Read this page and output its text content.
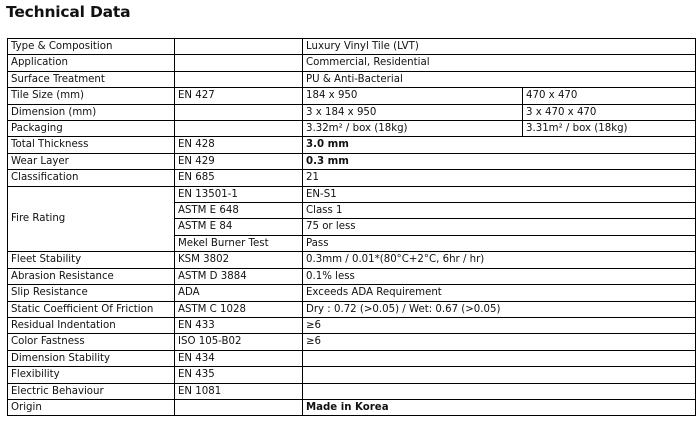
Technical Data
Type & Composition		Luxury Vinyl Tile (LVT)	
Application		Commercial, Residential	
Surface Treatment		PU & Anti-Bacterial	
Tile Size (mm)	EN 427	184 x 950	470 x 470
Dimension (mm)		3 x 184 x 950	3 x 470 x 470
Packaging		3.32m² / box (18kg)	3.31m² / box (18kg)
Total Thickness	EN 428	3.0 mm	
Wear Layer	EN 429	0.3 mm	
Classification	EN 685	21	
Fire Rating	EN 13501-1	EN-S1	
	ASTM E 648	Class 1	
	ASTM E 84	75 or less	
	Mekel Burner Test	Pass	
Fleet Stability	KSM 3802	0.3mm / 0.01*(80°C+2°C, 6hr / hr)	
Abrasion Resistance	ASTM D 3884	0.1% less	
Slip Resistance	ADA	Exceeds ADA Requirement	
Static Coefficient Of Friction	ASTM C 1028	Dry : 0.72 (>0.05) / Wet: 0.67 (>0.05)	
Residual Indentation	EN 433	≥6	
Color Fastness	ISO 105-B02	≥6	
Dimension Stability	EN 434		
Flexibility	EN 435		
Electric Behaviour	EN 1081		
Origin		Made in Korea	
